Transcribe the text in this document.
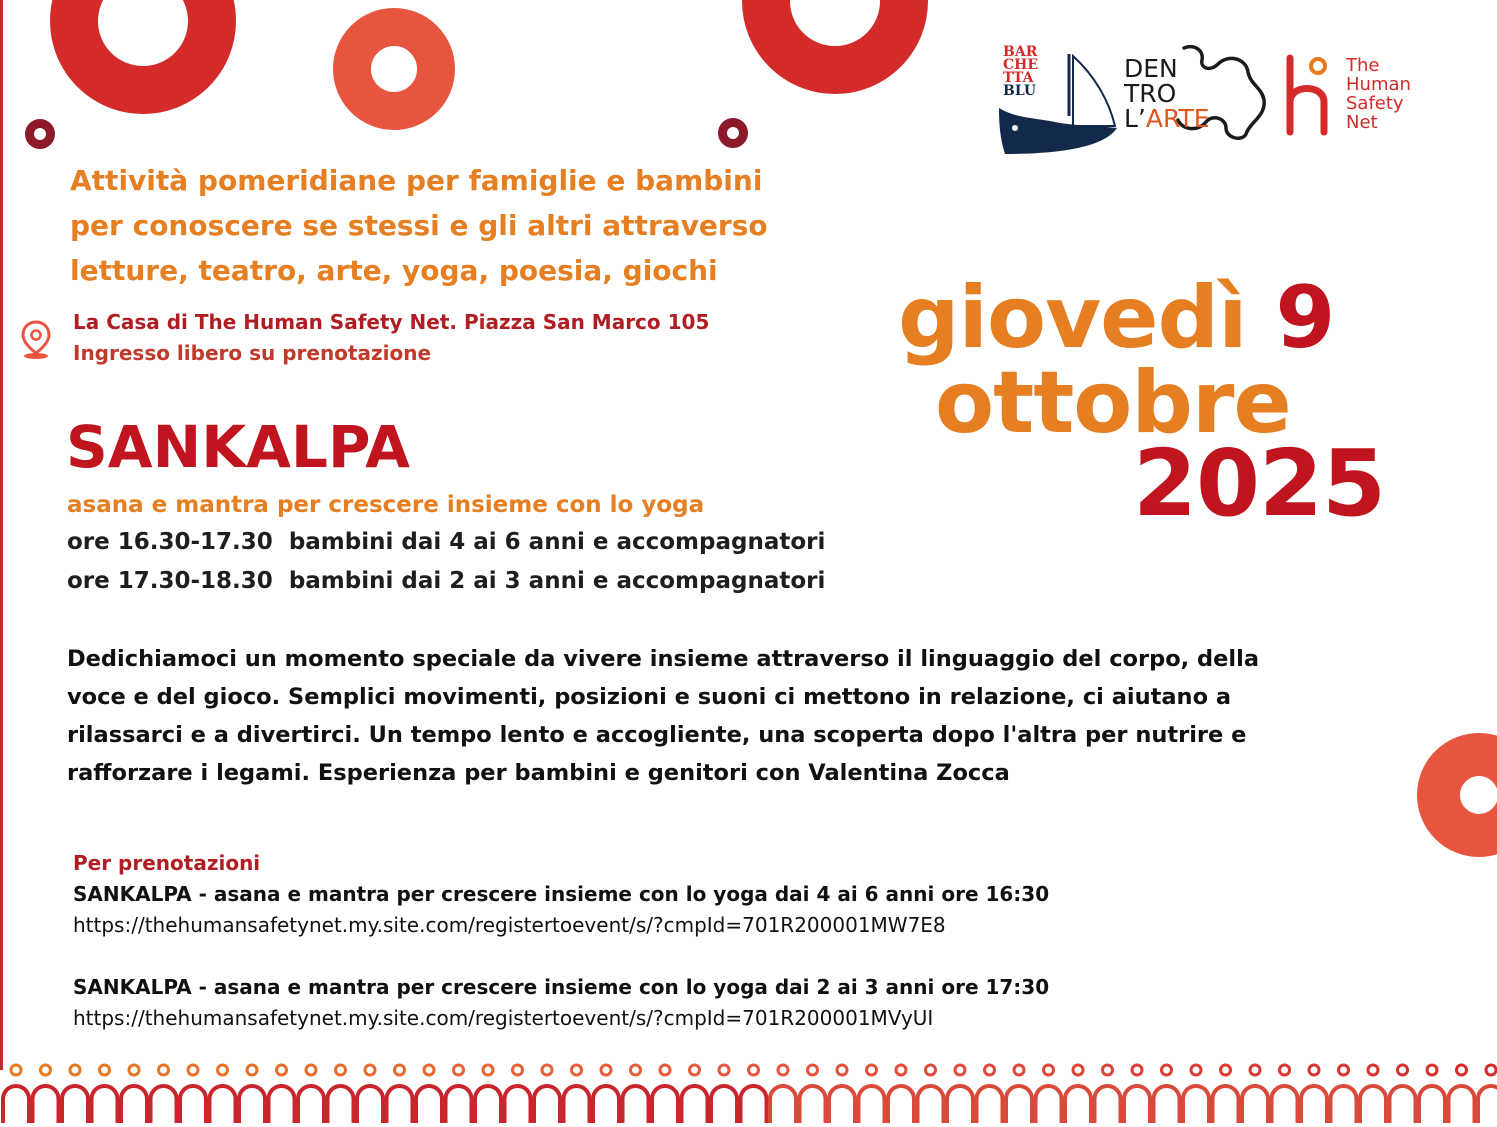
BAR
CHE
TTA
BLU
DEN
TRO
L’ARTE
The
Human
Safety
Net
Attività pomeridiane per famiglie e bambini
per conoscere se stessi e gli altri attraverso
letture, teatro, arte, yoga, poesia, giochi
La Casa di The Human Safety Net. Piazza San Marco 105
Ingresso libero su prenotazione	giovedì 9
ottobre
2025
SANKALPA
asana e mantra per crescere insieme con lo yoga
ore 16.30-17.30  bambini dai 4 ai 6 anni e accompagnatori
ore 17.30-18.30  bambini dai 2 ai 3 anni e accompagnatori
Dedichiamoci un momento speciale da vivere insieme attraverso il linguaggio del corpo, della
voce e del gioco. Semplici movimenti, posizioni e suoni ci mettono in relazione, ci aiutano a
rilassarci e a divertirci. Un tempo lento e accogliente, una scoperta dopo l'altra per nutrire e
rafforzare i legami. Esperienza per bambini e genitori con Valentina Zocca
Per prenotazioni
SANKALPA - asana e mantra per crescere insieme con lo yoga dai 4 ai 6 anni ore 16:30
https://thehumansafetynet.my.site.com/registertoevent/s/?cmpId=701R200001MW7E8
SANKALPA - asana e mantra per crescere insieme con lo yoga dai 2 ai 3 anni ore 17:30
https://thehumansafetynet.my.site.com/registertoevent/s/?cmpId=701R200001MVyUI
